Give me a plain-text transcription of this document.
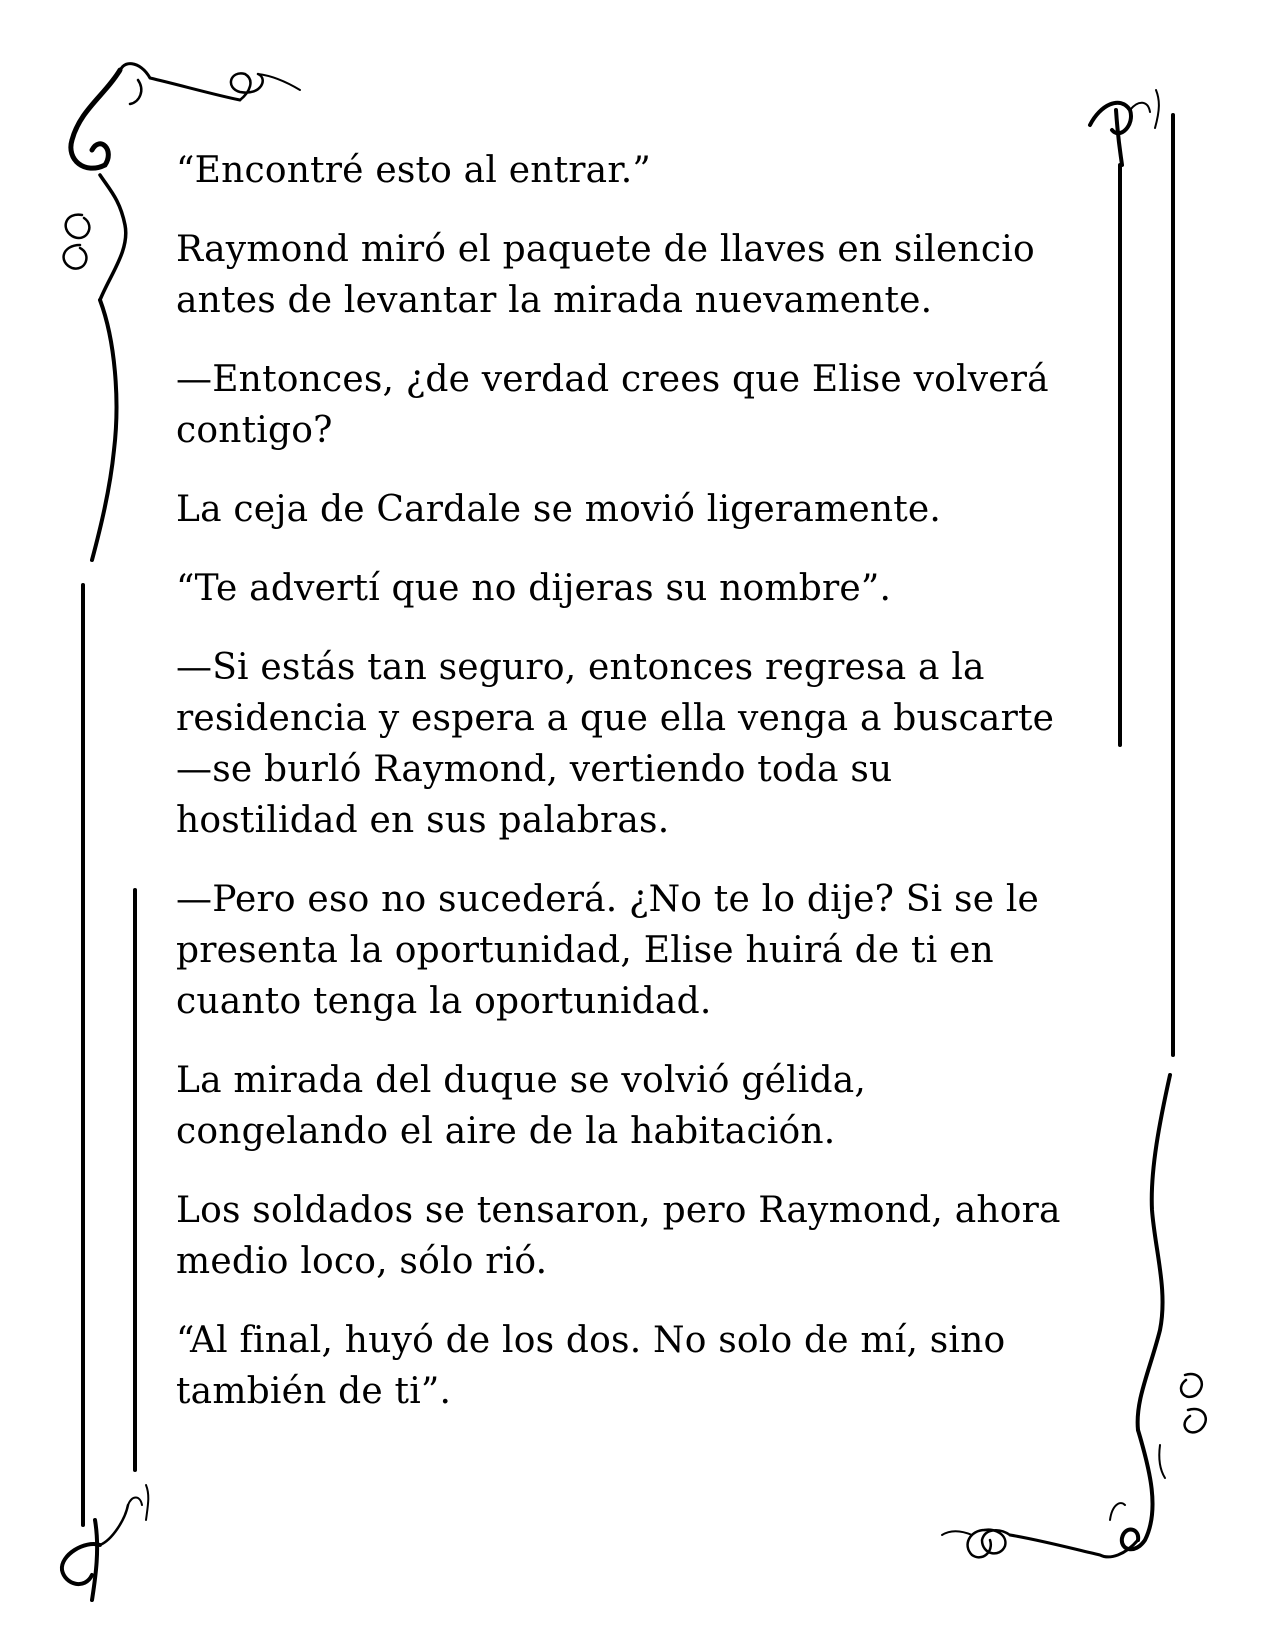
“Encontré esto al entrar.”

Raymond miró el paquete de llaves en silencio
antes de levantar la mirada nuevamente.

—Entonces, ¿de verdad crees que Elise volverá
contigo?

La ceja de Cardale se movió ligeramente.

“Te advertí que no dijeras su nombre”.

—Si estás tan seguro, entonces regresa a la
residencia y espera a que ella venga a buscarte
—se burló Raymond, vertiendo toda su
hostilidad en sus palabras.

—Pero eso no sucederá. ¿No te lo dije? Si se le
presenta la oportunidad, Elise huirá de ti en
cuanto tenga la oportunidad.

La mirada del duque se volvió gélida,
congelando el aire de la habitación.

Los soldados se tensaron, pero Raymond, ahora
medio loco, sólo rió.

“Al final, huyó de los dos. No solo de mí, sino
también de ti”.
